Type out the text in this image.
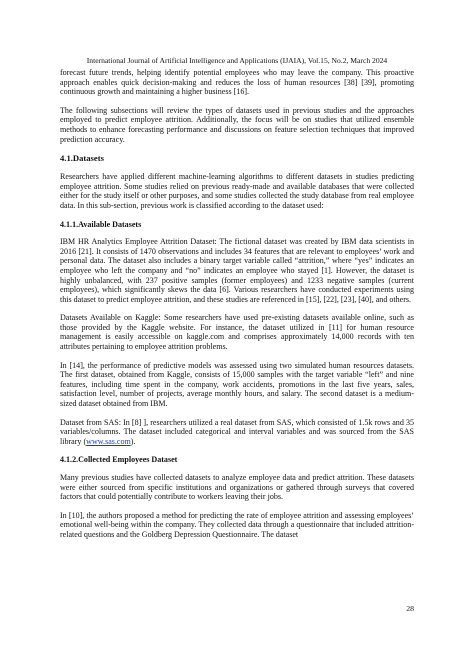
International Journal of Artificial Intelligence and Applications (IJAIA), Vol.15, No.2, March 2024

forecast future trends, helping identify potential employees who may leave the company. This proactive approach enables quick decision-making and reduces the loss of human resources [38] [39], promoting continuous growth and maintaining a higher business [16].

The following subsections will review the types of datasets used in previous studies and the approaches employed to predict employee attrition. Additionally, the focus will be on studies that utilized ensemble methods to enhance forecasting performance and discussions on feature selection techniques that improved prediction accuracy.

4.1.Datasets

Researchers have applied different machine-learning algorithms to different datasets in studies predicting employee attrition. Some studies relied on previous ready-made and available databases that were collected either for the study itself or other purposes, and some studies collected the study database from real employee data. In this sub-section, previous work is classified according to the dataset used:

4.1.1.Available Datasets

IBM HR Analytics Employee Attrition Dataset: The fictional dataset was created by IBM data scientists in 2016 [21]. It consists of 1470 observations and includes 34 features that are relevant to employees’ work and personal data. The dataset also includes a binary target variable called “attrition,” where “yes” indicates an employee who left the company and “no” indicates an employee who stayed [1]. However, the dataset is highly unbalanced, with 237 positive samples (former employees) and 1233 negative samples (current employees), which significantly skews the data [6]. Various researchers have conducted experiments using this dataset to predict employee attrition, and these studies are referenced in [15], [22], [23], [40], and others.

Datasets Available on Kaggle: Some researchers have used pre-existing datasets available online, such as those provided by the Kaggle website. For instance, the dataset utilized in [11] for human resource management is easily accessible on kaggle.com and comprises approximately 14,000 records with ten attributes pertaining to employee attrition problems.

In [14], the performance of predictive models was assessed using two simulated human resources datasets. The first dataset, obtained from Kaggle, consists of 15,000 samples with the target variable “left” and nine features, including time spent in the company, work accidents, promotions in the last five years, sales, satisfaction level, number of projects, average monthly hours, and salary. The second dataset is a medium-sized dataset obtained from IBM.

Dataset from SAS: In [8] ], researchers utilized a real dataset from SAS, which consisted of 1.5k rows and 35 variables/columns. The dataset included categorical and interval variables and was sourced from the SAS library (www.sas.com).

4.1.2.Collected Employees Dataset

Many previous studies have collected datasets to analyze employee data and predict attrition. These datasets were either sourced from specific institutions and organizations or gathered through surveys that covered factors that could potentially contribute to workers leaving their jobs.

In [10], the authors proposed a method for predicting the rate of employee attrition and assessing employees’ emotional well-being within the company. They collected data through a questionnaire that included attrition-related questions and the Goldberg Depression Questionnaire. The dataset

28
